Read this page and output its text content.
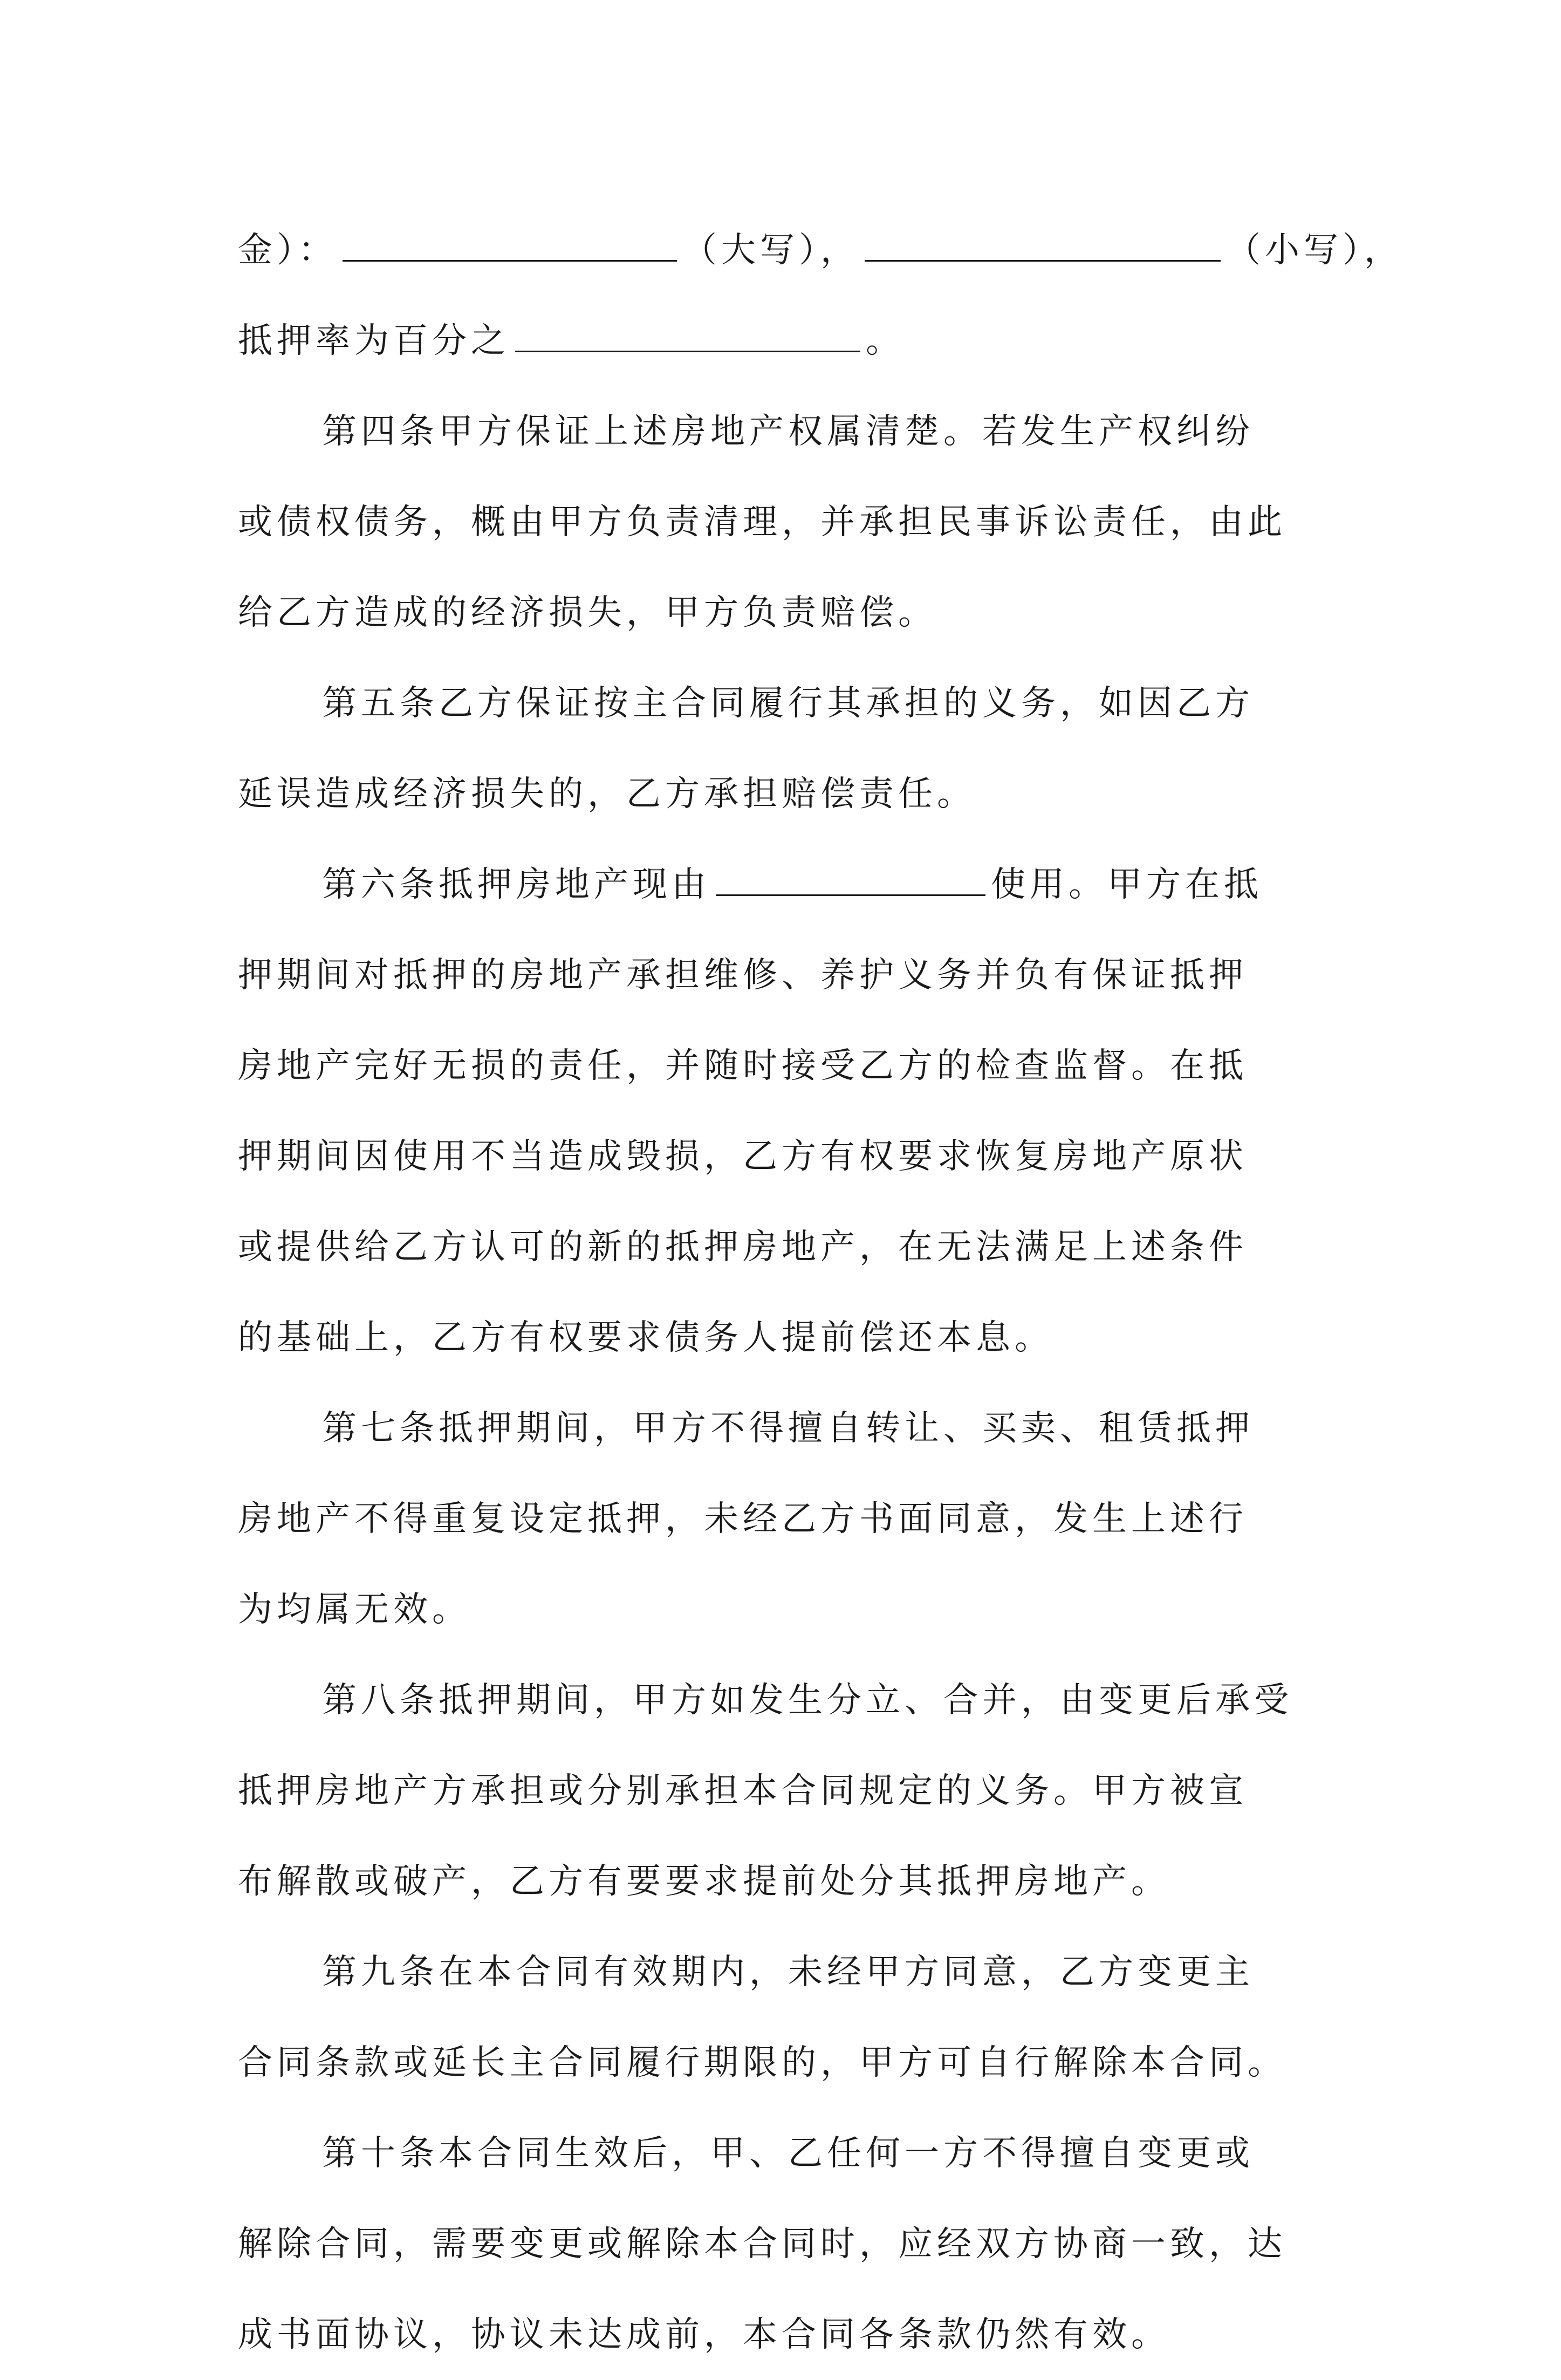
金）：	（大写），	（小写），
抵押率为百分之	。
第四条甲方保证上述房地产权属清楚。若发生产权纠纷
或债权债务，概由甲方负责清理，并承担民事诉讼责任，由此
给乙方造成的经济损失，甲方负责赔偿。
第五条乙方保证按主合同履行其承担的义务，如因乙方
延误造成经济损失的，乙方承担赔偿责任。
第六条抵押房地产现由	使用。甲方在抵
押期间对抵押的房地产承担维修、养护义务并负有保证抵押
房地产完好无损的责任，并随时接受乙方的检查监督。在抵
押期间因使用不当造成毁损，乙方有权要求恢复房地产原状
或提供给乙方认可的新的抵押房地产，在无法满足上述条件
的基础上，乙方有权要求债务人提前偿还本息。
第七条抵押期间，甲方不得擅自转让、买卖、租赁抵押
房地产不得重复设定抵押，未经乙方书面同意，发生上述行
为均属无效。
第八条抵押期间，甲方如发生分立、合并，由变更后承受
抵押房地产方承担或分别承担本合同规定的义务。甲方被宣
布解散或破产，乙方有要要求提前处分其抵押房地产。
第九条在本合同有效期内，未经甲方同意，乙方变更主
合同条款或延长主合同履行期限的，甲方可自行解除本合同。
第十条本合同生效后，甲、乙任何一方不得擅自变更或
解除合同，需要变更或解除本合同时，应经双方协商一致，达
成书面协议，协议未达成前，本合同各条款仍然有效。
